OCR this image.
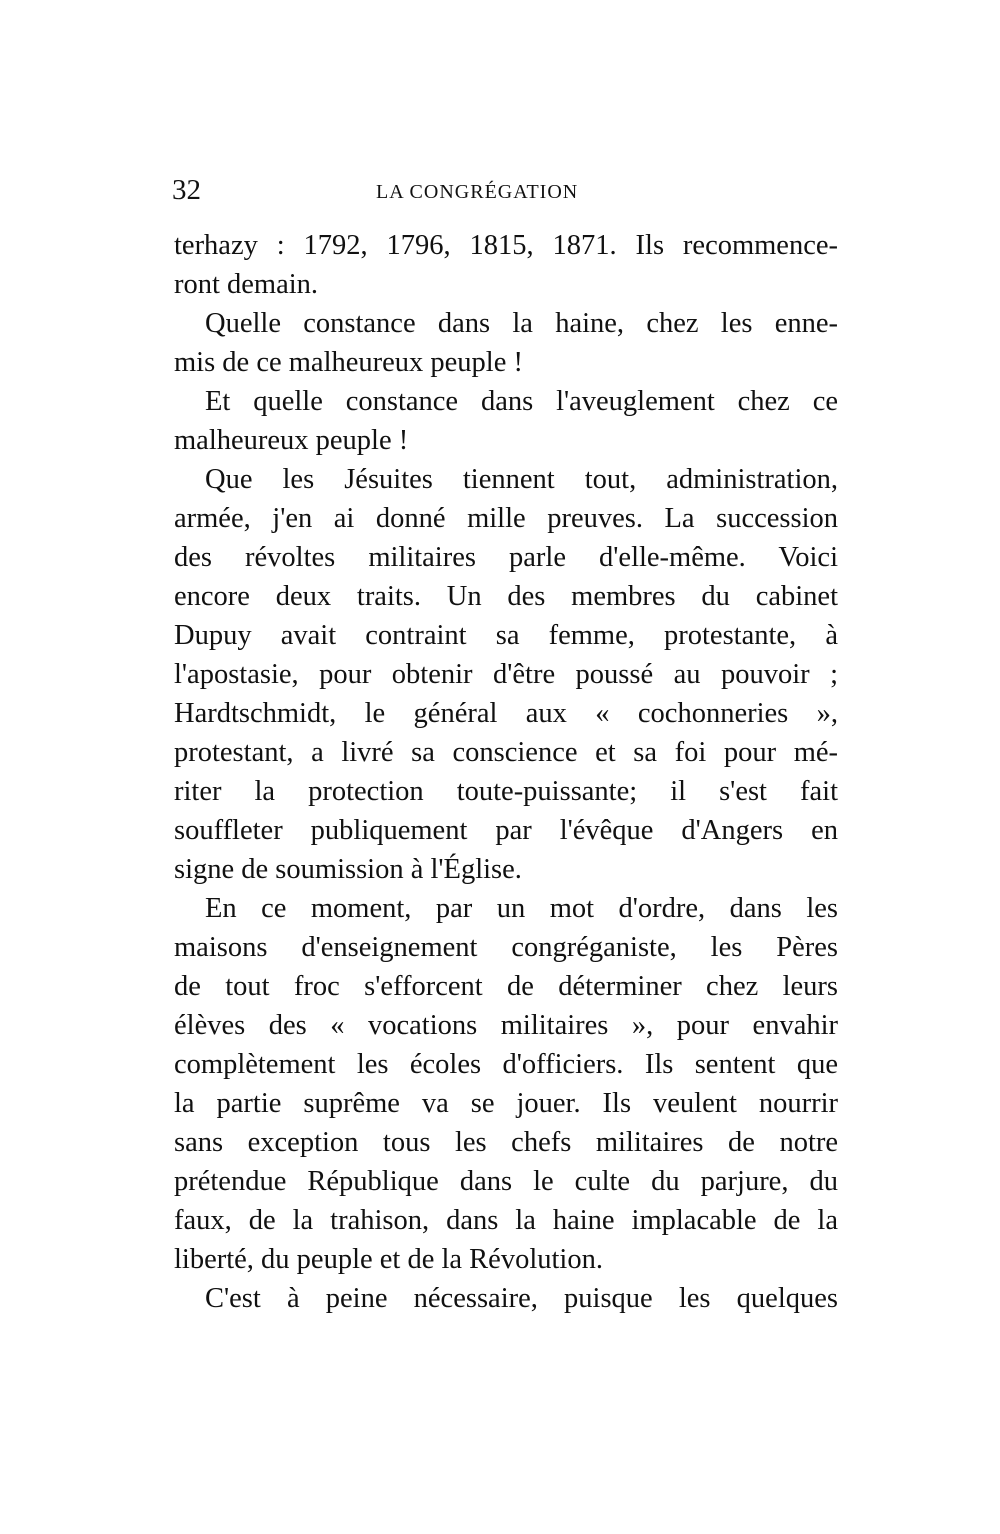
32	LA CONGRÉGATION
terhazy : 1792, 1796, 1815, 1871. Ils recommence-
ront demain.
Quelle constance dans la haine, chez les enne-
mis de ce malheureux peuple !
Et quelle constance dans l'aveuglement chez ce
malheureux peuple !
Que les Jésuites tiennent tout, administration,
armée, j'en ai donné mille preuves. La succession
des révoltes militaires parle d'elle-même. Voici
encore deux traits. Un des membres du cabinet
Dupuy avait contraint sa femme, protestante, à
l'apostasie, pour obtenir d'être poussé au pouvoir ;
Hardtschmidt, le général aux « cochonneries »,
protestant, a livré sa conscience et sa foi pour mé-
riter la protection toute-puissante; il s'est fait
souffleter publiquement par l'évêque d'Angers en
signe de soumission à l'Église.
En ce moment, par un mot d'ordre, dans les
maisons d'enseignement congréganiste, les Pères
de tout froc s'efforcent de déterminer chez leurs
élèves des « vocations militaires », pour envahir
complètement les écoles d'officiers. Ils sentent que
la partie suprême va se jouer. Ils veulent nourrir
sans exception tous les chefs militaires de notre
prétendue République dans le culte du parjure, du
faux, de la trahison, dans la haine implacable de la
liberté, du peuple et de la Révolution.
C'est à peine nécessaire, puisque les quelques
